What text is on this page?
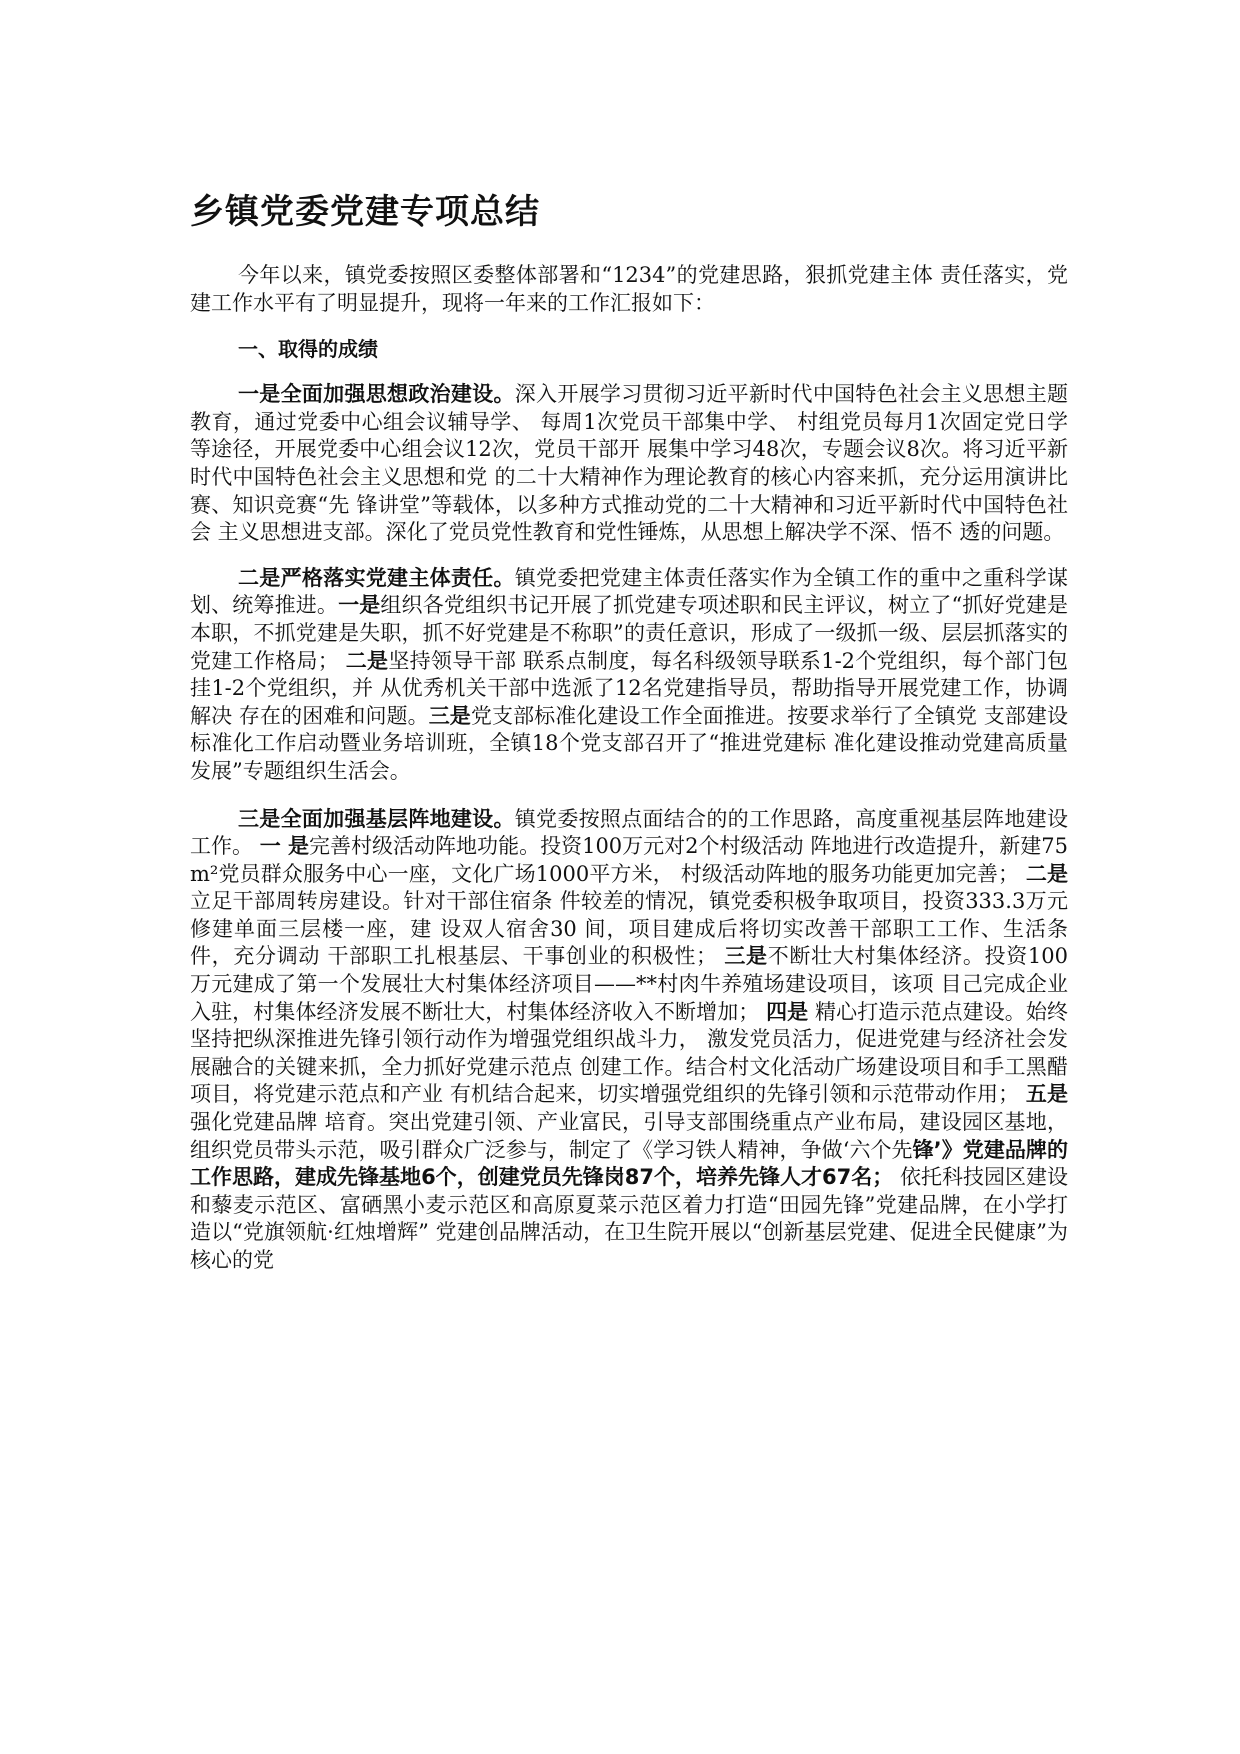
乡镇党委党建专项总结

今年以来，镇党委按照区委整体部署和“1234”的党建思路，狠抓党建主体 责任落实，党建工作水平有了明显提升，现将一年来的工作汇报如下：

一、取得的成绩

一是全面加强思想政治建设。深入开展学习贯彻习近平新时代中国特色社会主义思想主题教育，通过党委中心组会议辅导学、 每周1次党员干部集中学、 村组党员每月1次固定党日学等途径，开展党委中心组会议12次，党员干部开 展集中学习48次，专题会议8次。将习近平新时代中国特色社会主义思想和党 的二十大精神作为理论教育的核心内容来抓，充分运用演讲比赛、知识竞赛“先 锋讲堂”等载体，以多种方式推动党的二十大精神和习近平新时代中国特色社会 主义思想进支部。深化了党员党性教育和党性锤炼，从思想上解决学不深、悟不 透的问题。

二是严格落实党建主体责任。镇党委把党建主体责任落实作为全镇工作的重中之重科学谋划、统筹推进。一是组织各党组织书记开展了抓党建专项述职和民主评议，树立了“抓好党建是本职，不抓党建是失职，抓不好党建是不称职”的责任意识，形成了一级抓一级、层层抓落实的党建工作格局； 二是坚持领导干部 联系点制度，每名科级领导联系1-2个党组织，每个部门包挂1-2个党组织，并 从优秀机关干部中选派了12名党建指导员，帮助指导开展党建工作，协调解决 存在的困难和问题。三是党支部标准化建设工作全面推进。按要求举行了全镇党 支部建设标准化工作启动暨业务培训班，全镇18个党支部召开了“推进党建标 准化建设推动党建高质量发展”专题组织生活会。

三是全面加强基层阵地建设。镇党委按照点面结合的的工作思路，高度重视基层阵地建设工作。 一 是完善村级活动阵地功能。投资100万元对2个村级活动 阵地进行改造提升，新建75m²党员群众服务中心一座，文化广场1000平方米， 村级活动阵地的服务功能更加完善； 二是立足干部周转房建设。针对干部住宿条 件较差的情况，镇党委积极争取项目，投资333.3万元修建单面三层楼一座，建 设双人宿舍30 间，项目建成后将切实改善干部职工工作、生活条件，充分调动 干部职工扎根基层、干事创业的积极性； 三是不断壮大村集体经济。投资100 万元建成了第一个发展壮大村集体经济项目——**村肉牛养殖场建设项目，该项 目己完成企业入驻，村集体经济发展不断壮大，村集体经济收入不断增加； 四是 精心打造示范点建设。始终坚持把纵深推进先锋引领行动作为增强党组织战斗力， 激发党员活力，促进党建与经济社会发展融合的关键来抓，全力抓好党建示范点 创建工作。结合村文化活动广场建设项目和手工黑醋项目，将党建示范点和产业 有机结合起来，切实增强党组织的先锋引领和示范带动作用； 五是强化党建品牌 培育。突出党建引领、产业富民，引导支部围绕重点产业布局，建设园区基地， 组织党员带头示范，吸引群众广泛参与，制定了《学习铁人精神，争做‘六个先锋’》党建品牌的工作思路，建成先锋基地6个，创建党员先锋岗87个，培养先锋人才67名； 依托科技园区建设和藜麦示范区、富硒黑小麦示范区和高原夏菜示范区着力打造“田园先锋”党建品牌，在小学打造以“党旗领航·红烛增辉” 党建创品牌活动，在卫生院开展以“创新基层党建、促进全民健康”为核心的党
